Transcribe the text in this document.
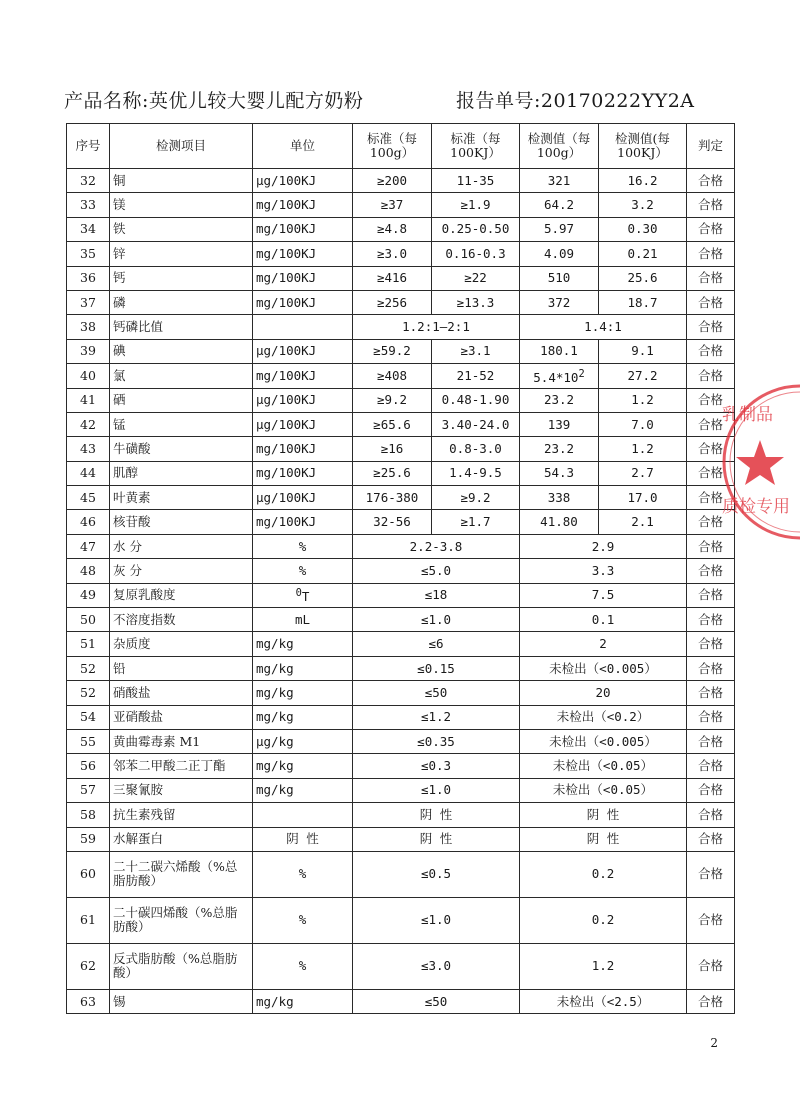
产品名称:英优儿较大婴儿配方奶粉	报告单号:20170222YY2A
序号	检测项目	单位	标准（每100g）	标准（每100KJ）	检测值（每100g）	检测值(每100KJ）	判定
32	铜	μg/100KJ	≥200	11-35	321	16.2	合格
33	镁	mg/100KJ	≥37	≥1.9	64.2	3.2	合格
34	铁	mg/100KJ	≥4.8	0.25-0.50	5.97	0.30	合格
35	锌	mg/100KJ	≥3.0	0.16-0.3	4.09	0.21	合格
36	钙	mg/100KJ	≥416	≥22	510	25.6	合格
37	磷	mg/100KJ	≥256	≥13.3	372	18.7	合格
38	钙磷比值		1.2:1—2:1		1.4:1		合格
39	碘	μg/100KJ	≥59.2	≥3.1	180.1	9.1	合格
40	氯	mg/100KJ	≥408	21-52	$5.4*10^2$	27.2	合格
41	硒	μg/100KJ	≥9.2	0.48-1.90	23.2	1.2	合格
42	锰	μg/100KJ	≥65.6	3.40-24.0	139	7.0	合格
43	牛磺酸	mg/100KJ	≥16	0.8-3.0	23.2	1.2	合格
44	肌醇	mg/100KJ	≥25.6	1.4-9.5	54.3	2.7	合格
45	叶黄素	μg/100KJ	176-380	≥9.2	338	17.0	合格
46	核苷酸	mg/100KJ	32-56	≥1.7	41.80	2.1	合格
47	水 分	%	2.2-3.8		2.9		合格
48	灰 分	%	≤5.0		3.3		合格
49	复原乳酸度	$^0$T	≤18		7.5		合格
50	不溶度指数	mL	≤1.0		0.1		合格
51	杂质度	mg/kg	≤6		2		合格
52	铅	mg/kg	≤0.15		未检出（<0.005）		合格
52	硝酸盐	mg/kg	≤50		20		合格
54	亚硝酸盐	mg/kg	≤1.2		未检出（<0.2）		合格
55	黄曲霉毒素 M1	μg/kg	≤0.35		未检出（<0.005）		合格
56	邻苯二甲酸二正丁酯	mg/kg	≤0.3		未检出（<0.05）		合格
57	三聚氰胺	mg/kg	≤1.0		未检出（<0.05）		合格
58	抗生素残留		阴 性		阴 性		合格
59	水解蛋白	阴 性	阴 性		阴 性		合格
60	二十二碳六烯酸（%总脂肪酸）	%	≤0.5		0.2		合格
61	二十碳四烯酸（%总脂肪酸）	%	≤1.0		0.2		合格
62	反式脂肪酸（%总脂肪酸）	%	≤3.0		1.2		合格
63	锡	mg/kg	≤50		未检出（<2.5）		合格
乳制品
质检专用
2
